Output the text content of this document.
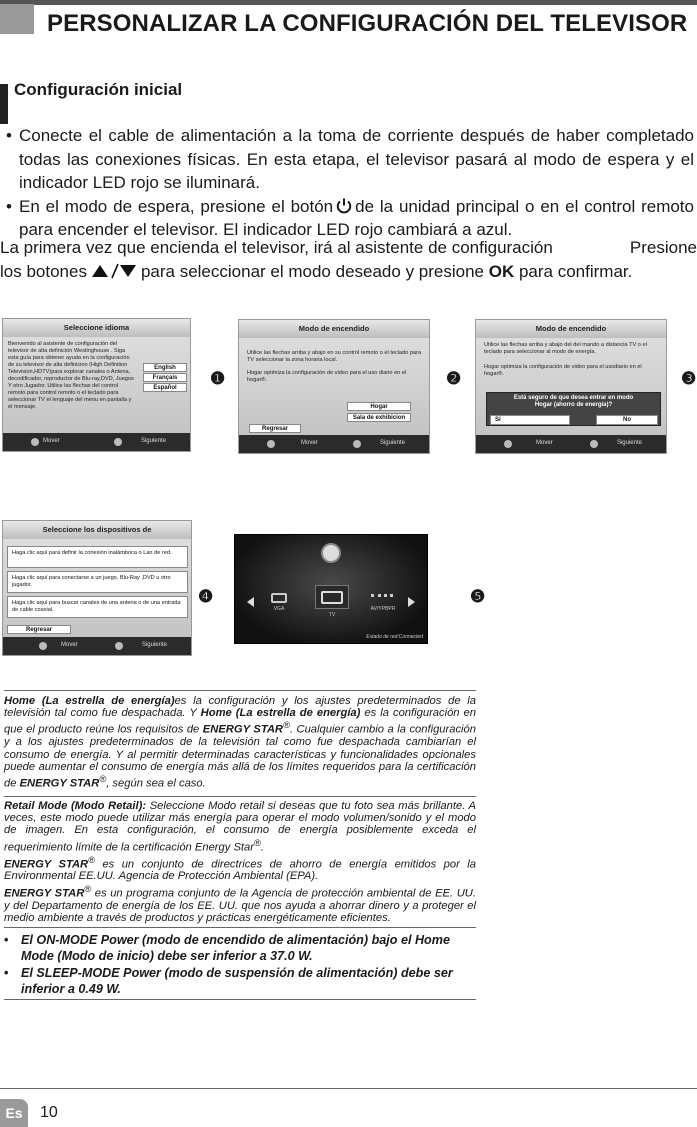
PERSONALIZAR LA CONFIGURACIÓN DEL TELEVISOR
Configuración inicial
• Conecte el cable de alimentación a la toma de corriente después de haber completado todas las conexiones físicas. En esta etapa, el televisor pasará al modo de espera y el indicador LED rojo se iluminará.
• En el modo de espera, presione el botón de la unidad principal o en el control remoto para encender el televisor. El indicador LED rojo cambiará a azul.
La primera vez que encienda el televisor, irá al asistente de configuración	Presione
los botones	para seleccionar el modo deseado y presione OK para confirmar.
Seleccione idioma
Bienvenido al asistente de configuración del televisor de alta definición Westinghouse . Siga esta guía para obtener ayuda en la configuración de su televisor de alta definicion (High Definition Television,HDTV)para explorar canales o Antena, decodificador, reproductor de Blu-ray,DVD, Juegos Y otro Jugador. Utilice las flechas del control remoto para control remoto o el teclado para seleccionar TV el lenguaje del menu en pantalla y el mensaje.
English
Français
Español
Mover	Siguiente
Modo de encendido
Utilice las flechas arriba y abajo en su control remoto o el teclado para TV seleccionar la zona horaria local.
Hogar optimiza la configuración de video para el uso diario en el hogar®.
Hogar
Sala de exhibicion
Regresar
Mover	Siguiente
Modo de encendido
Utilice las flechas arriba y abajo del del mando a distancia TV o el teclado para seleccionar al modo de energía.
Hogar optimiza la configuración de video para el usodiario en el hogar®.
Está seguro de que desea entrar en modo Hogar (ahorro de energía)?
Sí	No
Mover	Siguiente
Seleccione los dispositivos de
Haga clic aquí para definir la conexión inalámbrica o Lan de red.
Haga clic aquí para conectarse a un juego, Blu-Ray ,DVD u otro jugador.
Haga clic aquí para buscar canales de una antena o de una entrada de cable coaxial.
Regresar
Mover	Siguiente
VGA
TV
AV/YPBPR
Estado de red:Connected
❶	❷	❸
❹	❺
Home (La estrella de energía)es la configuración y los ajustes predeterminados de la televisión tal como fue despachada. Y Home (La estrella de energía) es la configuración en que el producto reúne los requisitos de ENERGY STAR®. Cualquier cambio a la configuración y a los ajustes predeterminados de la televisión tal como fue despachada cambiarían el consumo de energía. Y al permitir determinadas características y funcionalidades opcionales puede aumentar el consumo de energía más allá de los límites requeridos para la certificación de ENERGY STAR®, según sea el caso.
Retail Mode (Modo Retail): Seleccione Modo retail si deseas que tu foto sea más brillante. A veces, este modo puede utilizar más energía para operar el modo volumen/sonido y el modo de imagen. En esta configuración, el consumo de energía posiblemente exceda el requerimiento límite de la certificación Energy Star®.
ENERGY STAR® es un conjunto de directrices de ahorro de energía emitidos por la Environmental EE.UU. Agencia de Protección Ambiental (EPA).
ENERGY STAR® es un programa conjunto de la Agencia de protección ambiental de EE. UU. y del Departamento de energía de los EE. UU. que nos ayuda a ahorrar dinero y a proteger el medio ambiente a través de productos y prácticas energéticamente eficientes.
• El ON-MODE Power (modo de encendido de alimentación) bajo el Home Mode (Modo de inicio) debe ser inferior a 37.0 W.
• El SLEEP-MODE Power (modo de suspensión de alimentación) debe ser inferior a 0.49 W.
Es	10
